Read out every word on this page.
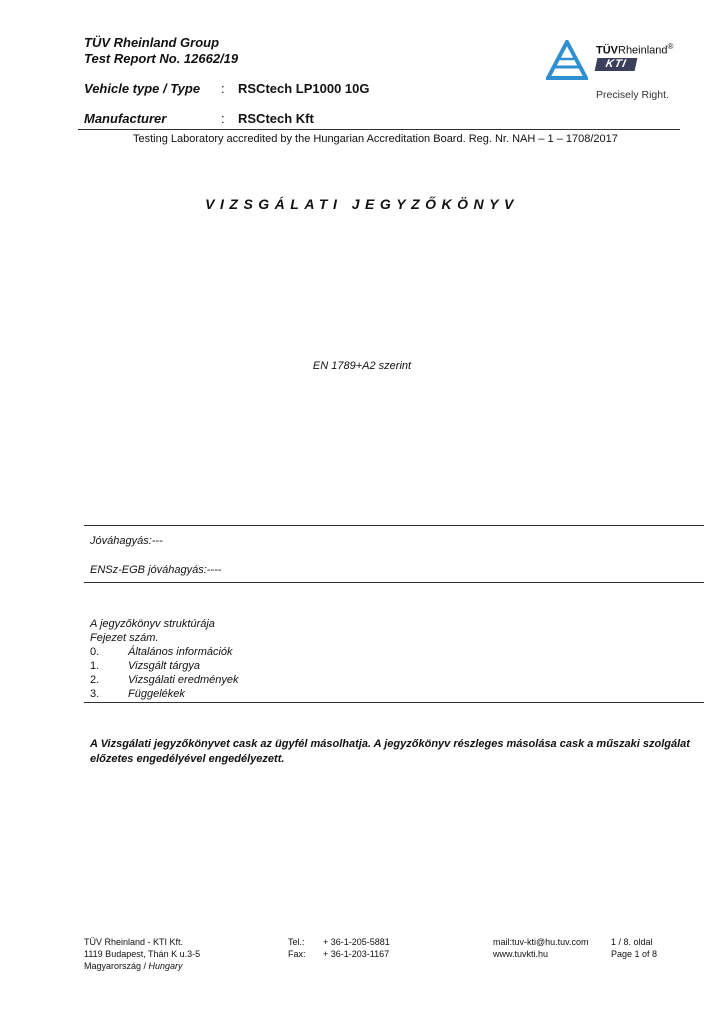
TÜV Rheinland Group
Test Report No. 12662/19
Vehicle type / Type : RSCtech LP1000 10G
Manufacturer	: RSCtech Kft
Testing Laboratory accredited by the Hungarian Accreditation Board. Reg. Nr. NAH – 1 – 1708/2017
TÜVRheinland®
KTI
Precisely Right.
VIZSGÁLATI JEGYZŐKÖNYV
EN 1789+A2 szerint
Jóváhagyás:---
ENSz-EGB jóváhagyás:----
A jegyzőkönyv struktúrája
Fejezet szám.
0.	Általános információk
1.	Vizsgált tárgya
2.	Vizsgálati eredmények
3.	Függelékek
A Vizsgálati jegyzőkönyvet cask az ügyfél másolhatja. A jegyzőkönyv részleges másolása cask a műszaki szolgálat előzetes engedélyével engedélyezett.
TÜV Rheinland - KTI Kft.
1119 Budapest, Thán K u.3-5
Magyarország / Hungary
Tel.: + 36-1-205-5881
Fax: + 36-1-203-1167
mail:tuv-kti@hu.tuv.com
www.tuvkti.hu
1 / 8. oldal
Page 1 of 8
